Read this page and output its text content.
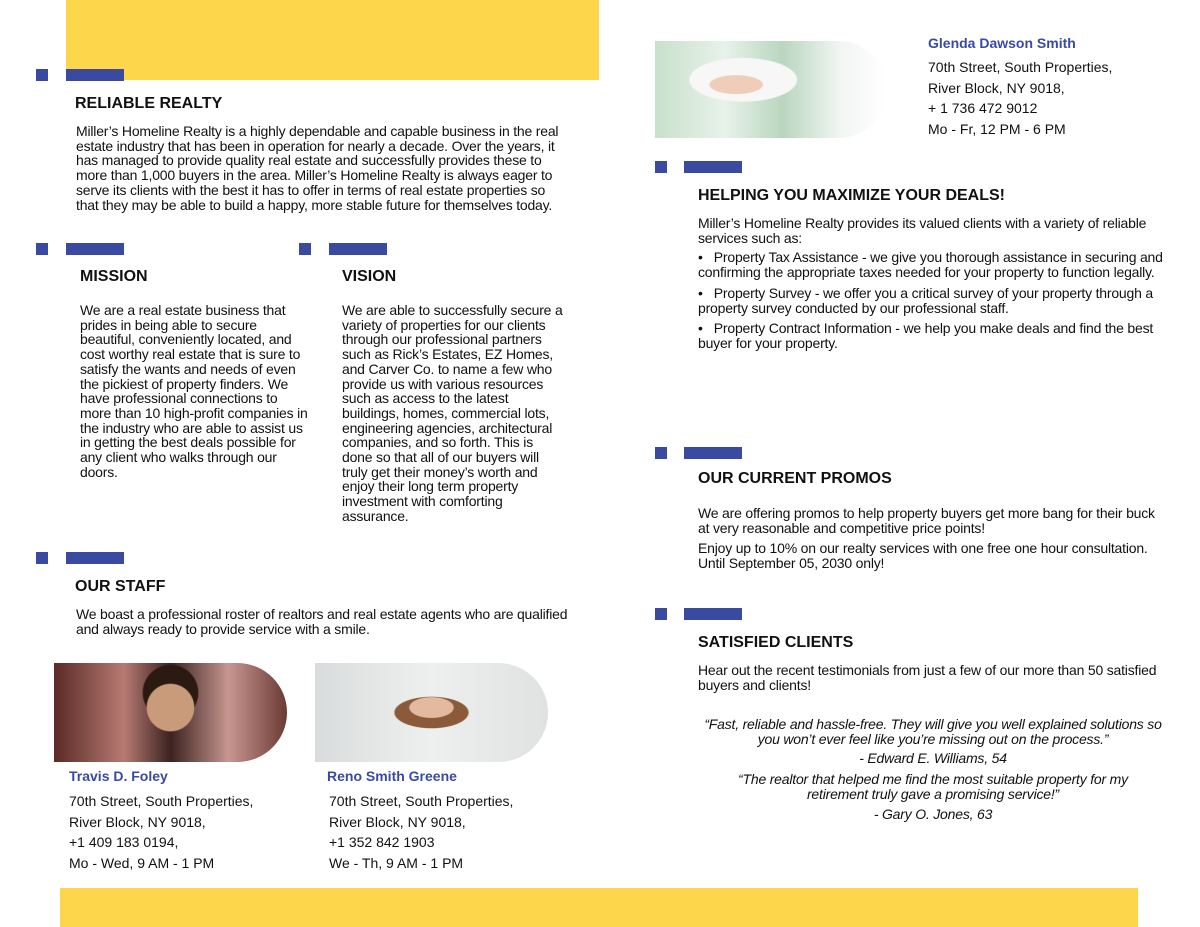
RELIABLE REALTY
Miller’s Homeline Realty is a highly dependable and capable business in the real estate industry that has been in operation for nearly a decade. Over the years, it has managed to provide quality real estate and successfully provides these to more than 1,000 buyers in the area. Miller’s Homeline Realty is always eager to serve its clients with the best it has to offer in terms of real estate properties so that they may be able to build a happy, more stable future for themselves today.
MISSION
We are a real estate business that prides in being able to secure beautiful, conveniently located, and cost worthy real estate that is sure to satisfy the wants and needs of even the pickiest of property finders. We have professional connections to more than 10 high-profit companies in the industry who are able to assist us in getting the best deals possible for any client who walks through our doors.
VISION
We are able to successfully secure a variety of properties for our clients through our professional partners such as Rick’s Estates, EZ Homes, and Carver Co. to name a few who provide us with various resources such as access to the latest buildings, homes, commercial lots, engineering agencies, architectural companies, and so forth. This is done so that all of our buyers will truly get their money’s worth and enjoy their long term property investment with comforting assurance.
OUR STAFF
We boast a professional roster of realtors and real estate agents who are qualified and always ready to provide service with a smile.
Travis D. Foley
70th Street, South Properties,
River Block, NY 9018,
+1 409 183 0194,
Mo - Wed, 9 AM - 1 PM
Reno Smith Greene
70th Street, South Properties,
River Block, NY 9018,
+1 352 842 1903
We - Th, 9 AM - 1 PM
Glenda Dawson Smith
70th Street, South Properties,
River Block, NY 9018,
+ 1 736 472 9012
Mo - Fr, 12 PM - 6 PM
HELPING YOU MAXIMIZE YOUR DEALS!

Miller’s Homeline Realty provides its valued clients with a variety of reliable services such as:

•   Property Tax Assistance - we give you thorough assistance in securing and confirming the appropriate taxes needed for your property to function legally.
•   Property Survey - we offer you a critical survey of your property through a property survey conducted by our professional staff.
•   Property Contract Information - we help you make deals and find the best buyer for your property.
OUR CURRENT PROMOS

We are offering promos to help property buyers get more bang for their buck at very reasonable and competitive price points!

Enjoy up to 10% on our realty services with one free one hour consultation. Until September 05, 2030 only!

SATISFIED CLIENTS
Hear out the recent testimonials from just a few of our more than 50 satisfied buyers and clients!

“Fast, reliable and hassle-free. They will give you well explained solutions so you won’t ever feel like you’re missing out on the process.”

- Edward E. Williams, 54

“The realtor that helped me find the most suitable property for my retirement truly gave a promising service!”

- Gary O. Jones, 63
